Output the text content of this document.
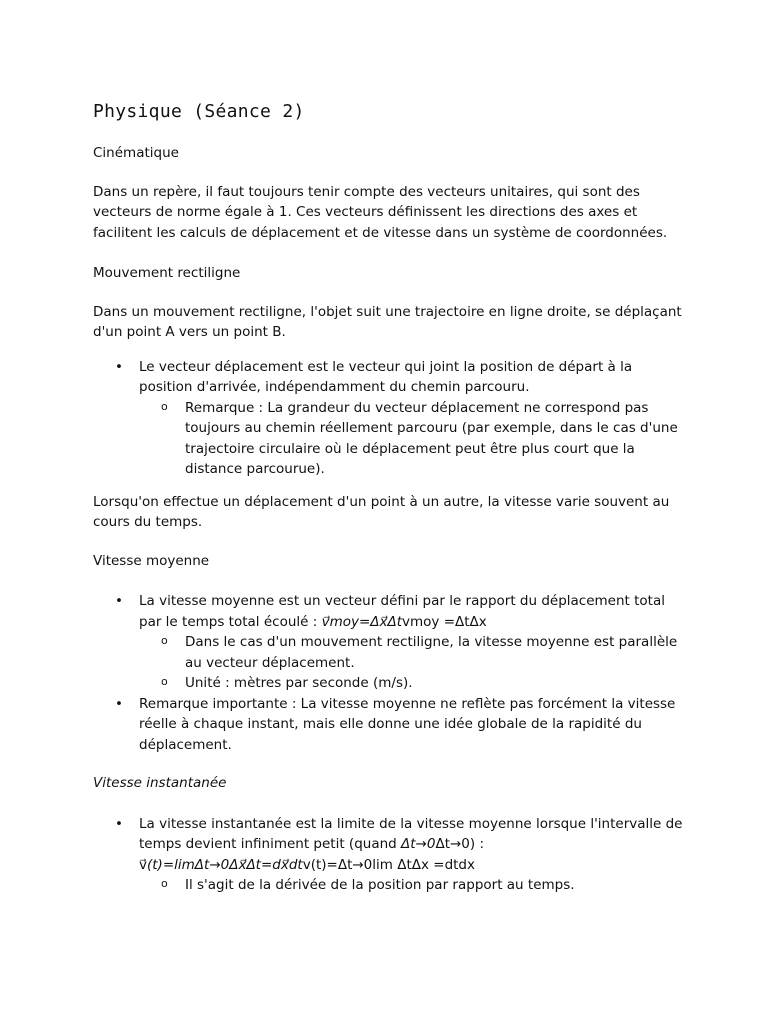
Physique (Séance 2)

Cinématique

Dans un repère, il faut toujours tenir compte des vecteurs unitaires, qui sont des vecteurs de norme égale à 1. Ces vecteurs définissent les directions des axes et facilitent les calculs de déplacement et de vitesse dans un système de coordonnées.

Mouvement rectiligne

Dans un mouvement rectiligne, l'objet suit une trajectoire en ligne droite, se déplaçant d'un point A vers un point B.

• Le vecteur déplacement est le vecteur qui joint la position de départ à la position d'arrivée, indépendamment du chemin parcouru.
o Remarque : La grandeur du vecteur déplacement ne correspond pas toujours au chemin réellement parcouru (par exemple, dans le cas d'une trajectoire circulaire où le déplacement peut être plus court que la distance parcourue).

Lorsqu'on effectue un déplacement d'un point à un autre, la vitesse varie souvent au cours du temps.

Vitesse moyenne

• La vitesse moyenne est un vecteur défini par le rapport du déplacement total par le temps total écoulé : v⃗moy=Δx⃗Δtvmoy =ΔtΔx
o Dans le cas d'un mouvement rectiligne, la vitesse moyenne est parallèle au vecteur déplacement.
o Unité : mètres par seconde (m/s).
• Remarque importante : La vitesse moyenne ne reflète pas forcément la vitesse réelle à chaque instant, mais elle donne une idée globale de la rapidité du déplacement.

Vitesse instantanée

• La vitesse instantanée est la limite de la vitesse moyenne lorsque l'intervalle de temps devient infiniment petit (quand Δt→0Δt→0) :
v⃗(t)=lim⁡Δt→0Δx⃗Δt=dx⃗dtv(t)=Δt→0lim ΔtΔx =dtdx
o Il s'agit de la dérivée de la position par rapport au temps.
